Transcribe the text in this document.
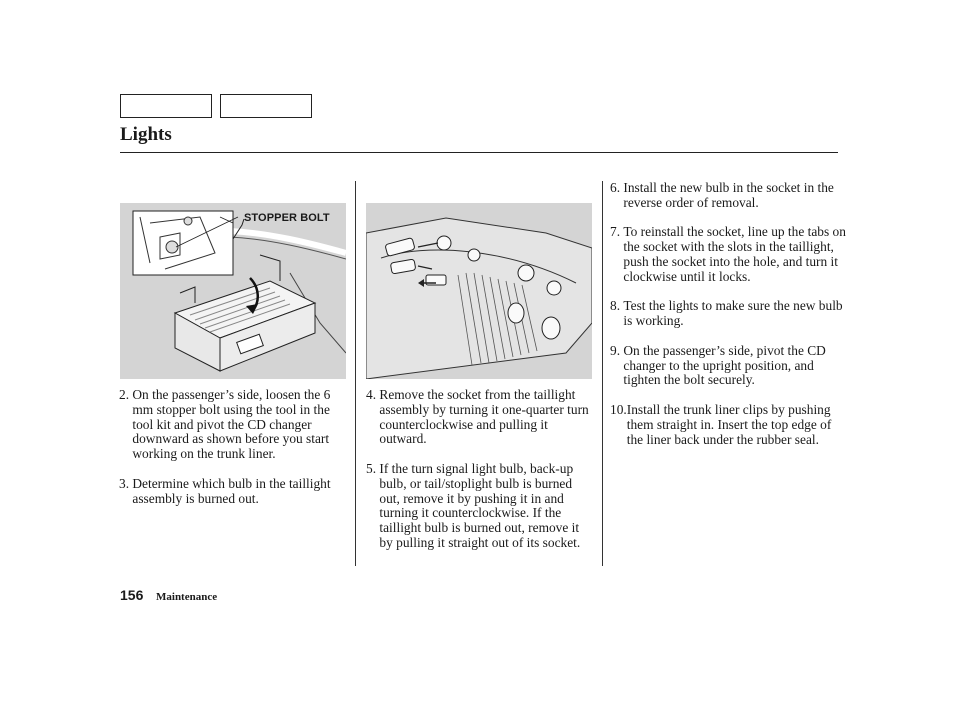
Lights
STOPPER BOLT
2. On the passenger’s side, loosen the 6 mm stopper bolt using the tool in the tool kit and pivot the CD changer downward as shown before you start working on the trunk liner.
3. Determine which bulb in the taillight assembly is burned out.
4. Remove the socket from the taillight assembly by turning it one-quarter turn counterclockwise and pulling it outward.
5. If the turn signal light bulb, back-up bulb, or tail/stoplight bulb is burned out, remove it by pushing it in and turning it counterclockwise. If the taillight bulb is burned out, remove it by pulling it straight out of its socket.
6. Install the new bulb in the socket in the reverse order of removal.
7. To reinstall the socket, line up the tabs on the socket with the slots in the taillight, push the socket into the hole, and turn it clockwise until it locks.
8. Test the lights to make sure the new bulb is working.
9. On the passenger’s side, pivot the CD changer to the upright position, and tighten the bolt securely.
10. Install the trunk liner clips by pushing them straight in. Insert the top edge of the liner back under the rubber seal.
156 Maintenance
